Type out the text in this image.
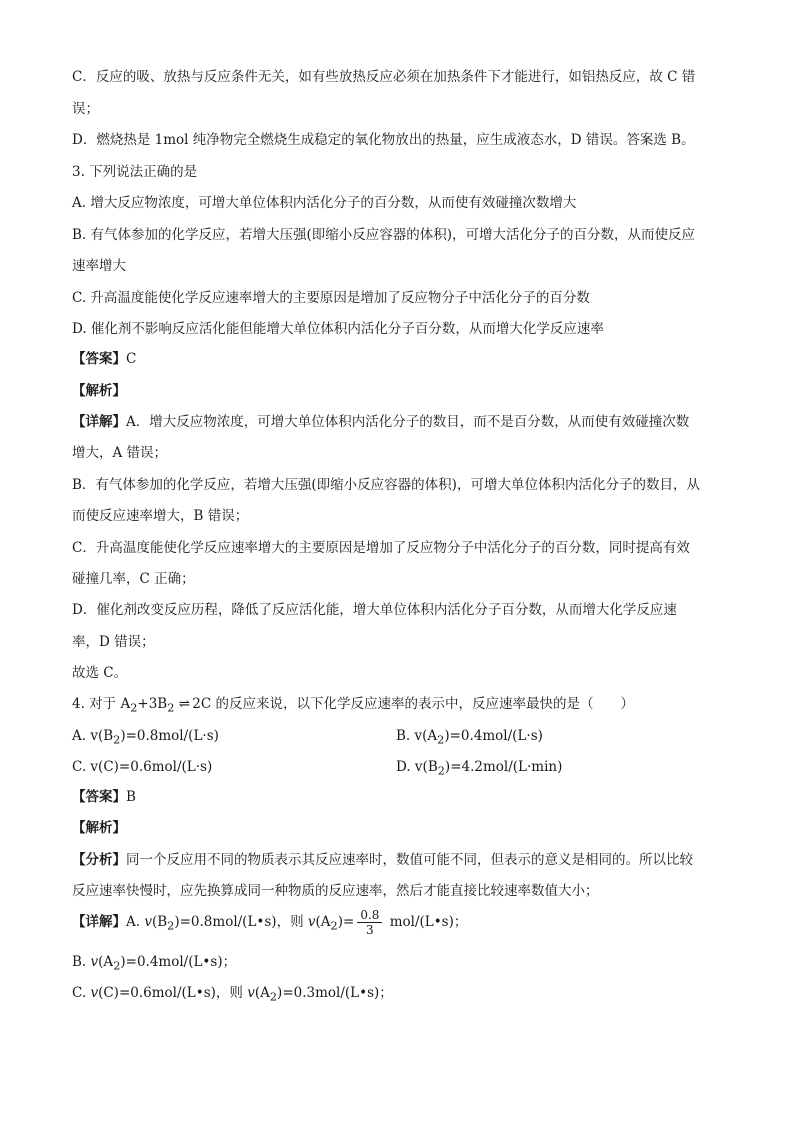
C．反应的吸、放热与反应条件无关，如有些放热反应必须在加热条件下才能进行，如铝热反应，故 C 错
误；
D．燃烧热是 1mol 纯净物完全燃烧生成稳定的氧化物放出的热量，应生成液态水，D 错误。答案选 B。
3. 下列说法正确的是
A. 增大反应物浓度，可增大单位体积内活化分子的百分数，从而使有效碰撞次数增大
B. 有气体参加的化学反应，若增大压强(即缩小反应容器的体积)，可增大活化分子的百分数，从而使反应
速率增大
C. 升高温度能使化学反应速率增大的主要原因是增加了反应物分子中活化分子的百分数
D. 催化剂不影响反应活化能但能增大单位体积内活化分子百分数，从而增大化学反应速率
【答案】C
【解析】
【详解】A．增大反应物浓度，可增大单位体积内活化分子的数目，而不是百分数，从而使有效碰撞次数
增大，A 错误；
B．有气体参加的化学反应，若增大压强(即缩小反应容器的体积)，可增大单位体积内活化分子的数目，从
而使反应速率增大，B 错误；
C．升高温度能使化学反应速率增大的主要原因是增加了反应物分子中活化分子的百分数，同时提高有效
碰撞几率，C 正确；
D．催化剂改变反应历程，降低了反应活化能，增大单位体积内活化分子百分数，从而增大化学反应速
率，D 错误；
故选 C。
4. 对于 $A_2+3B_2$ ⇌ 2C 的反应来说，以下化学反应速率的表示中，反应速率最快的是（　　）
A. $v(B_2)=0.8mol/(L\cdot s)$	B. $v(A_2)=0.4mol/(L\cdot s)$
C. v(C)=0.6mol/(L·s)	D. $v(B_2)=4.2mol/(L\cdot\min)$
【答案】B
【解析】
【分析】同一个反应用不同的物质表示其反应速率时，数值可能不同，但表示的意义是相同的。所以比较
反应速率快慢时，应先换算成同一种物质的反应速率，然后才能直接比较速率数值大小；
【详解】A. $v(B_2)=0.8mol/(L•s)$，则 $v(A_2)= \frac{0.8}{3}$ mol/(L•s)；
B. $v(A_2)=0.4mol/(L•s)$；
C. v(C)=0.6mol/(L•s)，则 $v(A_2)=0.3mol/(L•s)$；
